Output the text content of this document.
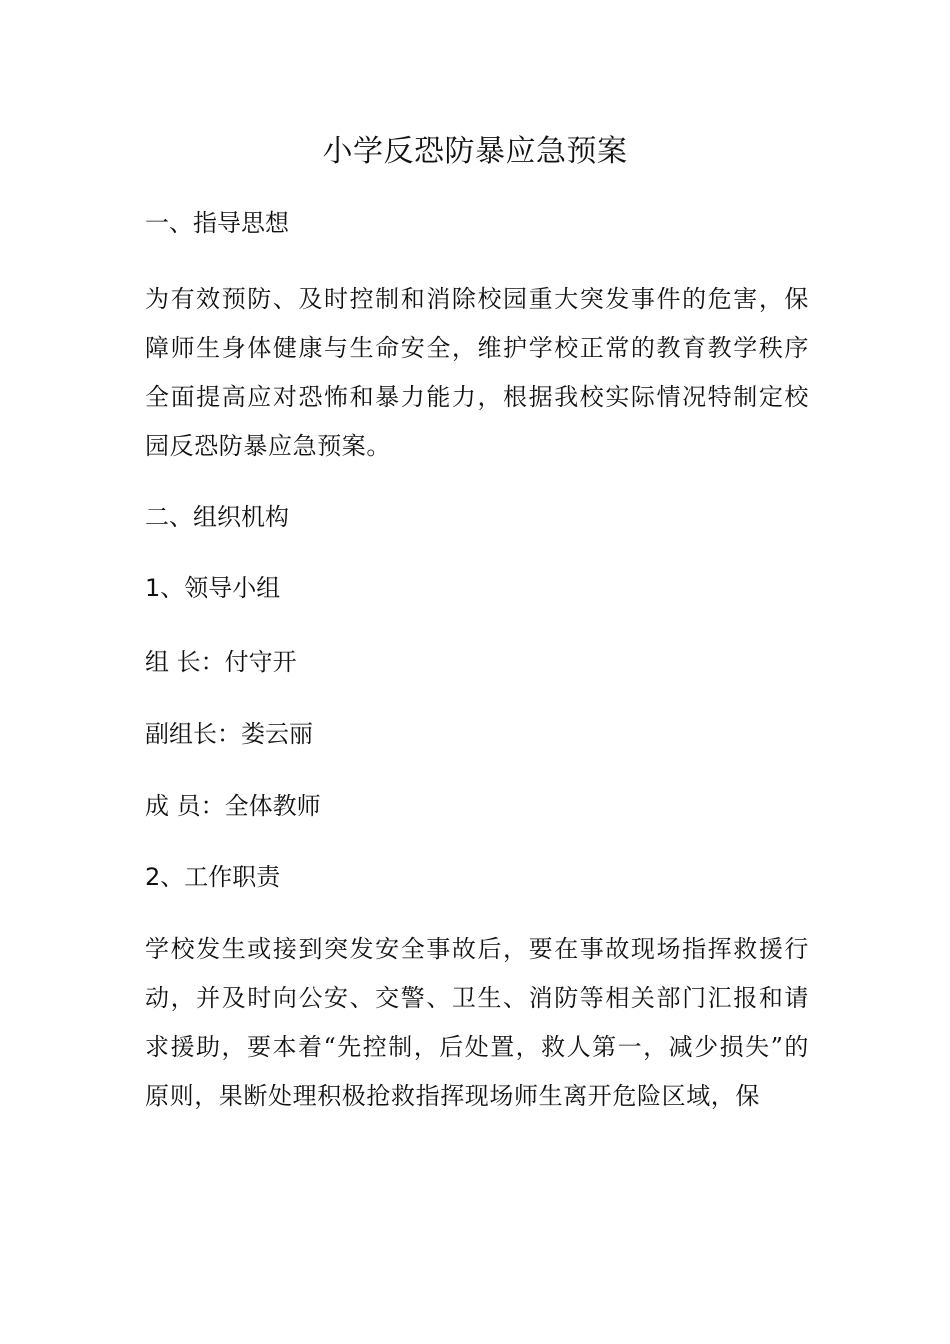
小学反恐防暴应急预案
一、指导思想
为有效预防、及时控制和消除校园重大突发事件的危害，保障师生身体健康与生命安全，维护学校正常的教育教学秩序全面提高应对恐怖和暴力能力，根据我校实际情况特制定校园反恐防暴应急预案。
二、组织机构
1、领导小组
组 长：付守开
副组长：娄云丽
成 员：全体教师
2、工作职责
学校发生或接到突发安全事故后，要在事故现场指挥救援行动，并及时向公安、交警、卫生、消防等相关部门汇报和请求援助，要本着“先控制，后处置，救人第一，减少损失”的原则，果断处理积极抢救指挥现场师生离开危险区域，保
